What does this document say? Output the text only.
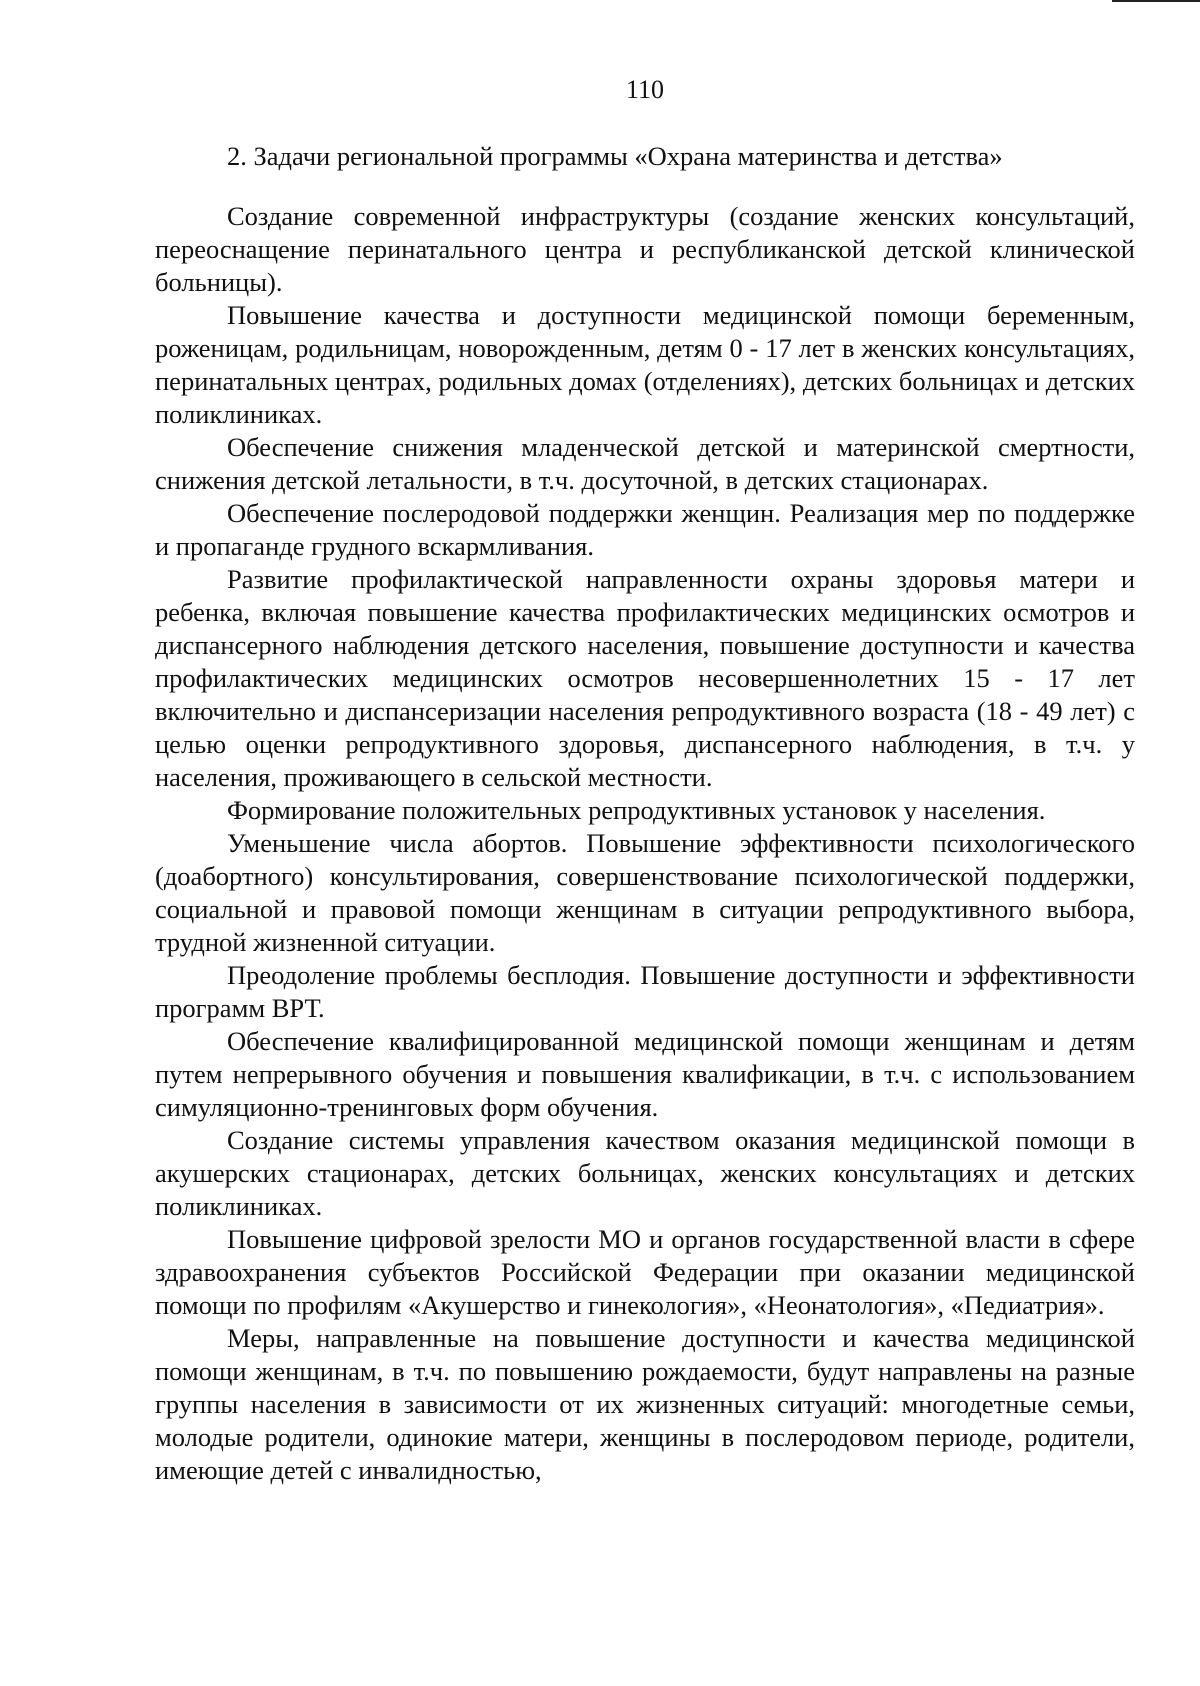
110
2. Задачи региональной программы «Охрана материнства и детства»

Создание современной инфраструктуры (создание женских консультаций, переоснащение перинатального центра и республиканской детской клинической больницы).

Повышение качества и доступности медицинской помощи беременным, роженицам, родильницам, новорожденным, детям 0 - 17 лет в женских консультациях, перинатальных центрах, родильных домах (отделениях), детских больницах и детских поликлиниках.

Обеспечение снижения младенческой детской и материнской смертности, снижения детской летальности, в т.ч. досуточной, в детских стационарах.

Обеспечение послеродовой поддержки женщин. Реализация мер по поддержке и пропаганде грудного вскармливания.

Развитие профилактической направленности охраны здоровья матери и ребенка, включая повышение качества профилактических медицинских осмотров и диспансерного наблюдения детского населения, повышение доступности и качества профилактических медицинских осмотров несовершеннолетних 15 - 17 лет включительно и диспансеризации населения репродуктивного возраста (18 - 49 лет) с целью оценки репродуктивного здоровья, диспансерного наблюдения, в т.ч. у населения, проживающего в сельской местности.

Формирование положительных репродуктивных установок у населения.

Уменьшение числа абортов. Повышение эффективности психологического (доабортного) консультирования, совершенствование психологической поддержки, социальной и правовой помощи женщинам в ситуации репродуктивного выбора, трудной жизненной ситуации.

Преодоление проблемы бесплодия. Повышение доступности и эффективности программ ВРТ.

Обеспечение квалифицированной медицинской помощи женщинам и детям путем непрерывного обучения и повышения квалификации, в т.ч. с использованием симуляционно-тренинговых форм обучения.

Создание системы управления качеством оказания медицинской помощи в акушерских стационарах, детских больницах, женских консультациях и детских поликлиниках.

Повышение цифровой зрелости МО и органов государственной власти в сфере здравоохранения субъектов Российской Федерации при оказании медицинской помощи по профилям «Акушерство и гинекология», «Неонатология», «Педиатрия».

Меры, направленные на повышение доступности и качества медицинской помощи женщинам, в т.ч. по повышению рождаемости, будут направлены на разные группы населения в зависимости от их жизненных ситуаций: многодетные семьи, молодые родители, одинокие матери, женщины в послеродовом периоде, родители, имеющие детей с инвалидностью,
